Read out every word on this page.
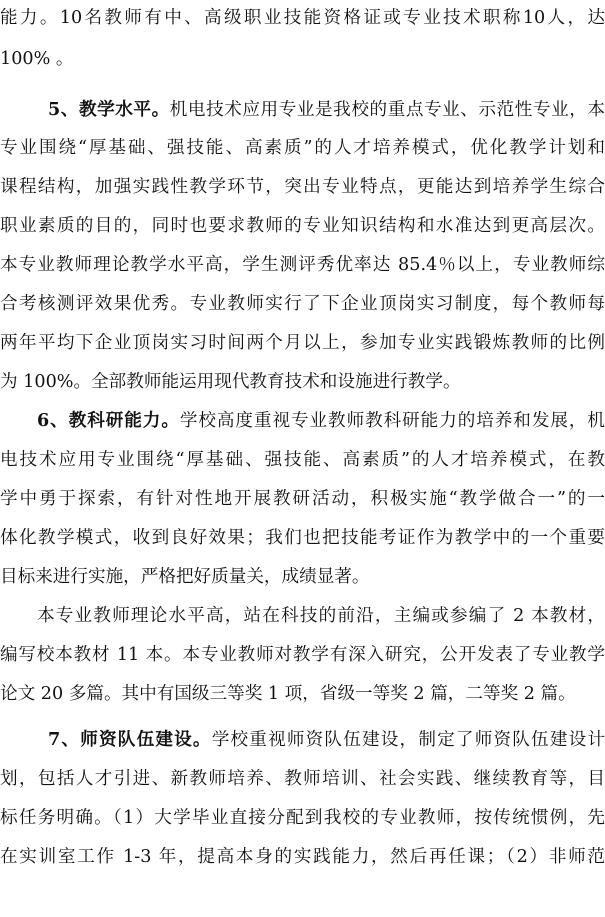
能力。10名教师有中、高级职业技能资格证或专业技术职称10人，达
100% 。
5、教学水平。机电技术应用专业是我校的重点专业、示范性专业，本
专业围绕“厚基础、强技能、高素质”的人才培养模式，优化教学计划和
课程结构，加强实践性教学环节，突出专业特点，更能达到培养学生综合
职业素质的目的，同时也要求教师的专业知识结构和水准达到更高层次。
本专业教师理论教学水平高，学生测评秀优率达 85.4％以上，专业教师综
合考核测评效果优秀。专业教师实行了下企业顶岗实习制度，每个教师每
两年平均下企业顶岗实习时间两个月以上，参加专业实践锻炼教师的比例
为 100%。全部教师能运用现代教育技术和设施进行教学。
6、教科研能力。学校高度重视专业教师教科研能力的培养和发展，机
电技术应用专业围绕“厚基础、强技能、高素质”的人才培养模式，在教
学中勇于探索，有针对性地开展教研活动，积极实施“教学做合一”的一
体化教学模式，收到良好效果；我们也把技能考证作为教学中的一个重要
目标来进行实施，严格把好质量关，成绩显著。
本专业教师理论水平高，站在科技的前沿，主编或参编了 2 本教材，
编写校本教材 11 本。本专业教师对教学有深入研究，公开发表了专业教学
论文 20 多篇。其中有国级三等奖 1 项，省级一等奖 2 篇，二等奖 2 篇。
7、师资队伍建设。学校重视师资队伍建设，制定了师资队伍建设计
划，包括人才引进、新教师培养、教师培训、社会实践、继续教育等，目
标任务明确。（1）大学毕业直接分配到我校的专业教师，按传统惯例，先
在实训室工作 1-3 年，提高本身的实践能力，然后再任课；（2）非师范
